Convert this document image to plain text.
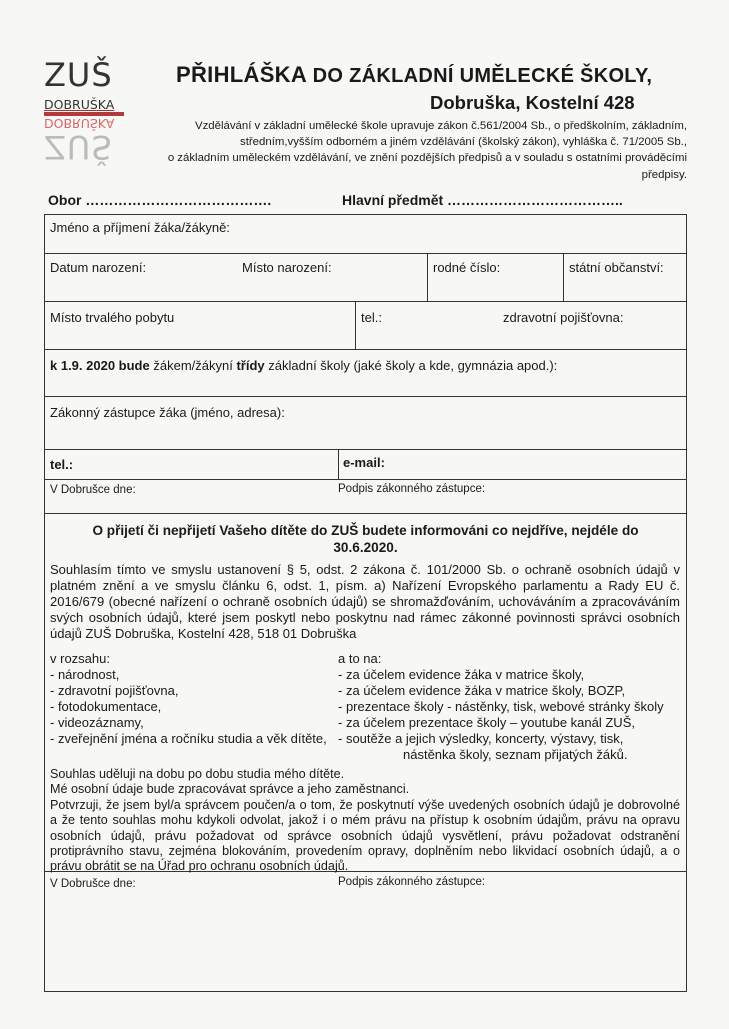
ZUŠ
DOBRUŠKA
DOBRUŠKA
ZUŠ
PŘIHLÁŠKA DO ZÁKLADNÍ UMĚLECKÉ ŠKOLY,
Dobruška, Kostelní 428
Vzdělávání v základní umělecké škole upravuje zákon č.561/2004 Sb., o předškolním, základním,
středním,vyšším odborném a jiném vzdělávání (školský zákon), vyhláška č. 71/2005 Sb.,
o základním uměleckém vzdělávání, ve znění pozdějších předpisů a v souladu s ostatními prováděcími předpisy.
Obor ………………………………….	Hlavní předmět ………………………………..
Jméno a příjmení žáka/žákyně:
Datum narození:	Místo narození:	rodné číslo:	státní občanství:
Místo trvalého pobytu	tel.:	zdravotní pojišťovna:
k 1.9. 2020 bude žákem/žákyní třídy základní školy (jaké školy a kde, gymnázia apod.):
Zákonný zástupce žáka (jméno, adresa):
tel.:	e-mail:
V Dobrušce dne:	Podpis zákonného zástupce:
O přijetí či nepřijetí Vašeho dítěte do ZUŠ budete informováni co nejdříve, nejdéle do 30.6.2020.
Souhlasím tímto ve smyslu ustanovení § 5, odst. 2 zákona č. 101/2000 Sb. o ochraně osobních údajů v platném znění a ve smyslu článku 6, odst. 1, písm. a) Nařízení Evropského parlamentu a Rady EU č. 2016/679 (obecné nařízení o ochraně osobních údajů) se shromažďováním, uchováváním a zpracováváním svých osobních údajů, které jsem poskytl nebo poskytnu nad rámec zákonné povinnosti správci osobních údajů ZUŠ Dobruška, Kostelní 428, 518 01 Dobruška
v rozsahu:
- národnost,
- zdravotní pojišťovna,
- fotodokumentace,
- videozáznamy,
- zveřejnění jména a ročníku studia a věk dítěte,
a to na:
- za účelem evidence žáka v matrice školy,
- za účelem evidence žáka v matrice školy, BOZP,
- prezentace školy - nástěnky, tisk, webové stránky školy
- za účelem prezentace školy – youtube kanál ZUŠ,
- soutěže a jejich výsledky, koncerty, výstavy, tisk,
nástěnka školy, seznam přijatých žáků.
Souhlas uděluji na dobu po dobu studia mého dítěte.
Mé osobní údaje bude zpracovávat správce a jeho zaměstnanci.
Potvrzuji, že jsem byl/a správcem poučen/a o tom, že poskytnutí výše uvedených osobních údajů je dobrovolné a že tento souhlas mohu kdykoli odvolat, jakož i o mém právu na přístup k osobním údajům, právu na opravu osobních údajů, právu požadovat od správce osobních údajů vysvětlení, právu požadovat odstranění protiprávního stavu, zejména blokováním, provedením opravy, doplněním nebo likvidací osobních údajů, a o právu obrátit se na Úřad pro ochranu osobních údajů.
V Dobrušce dne:	Podpis zákonného zástupce:
